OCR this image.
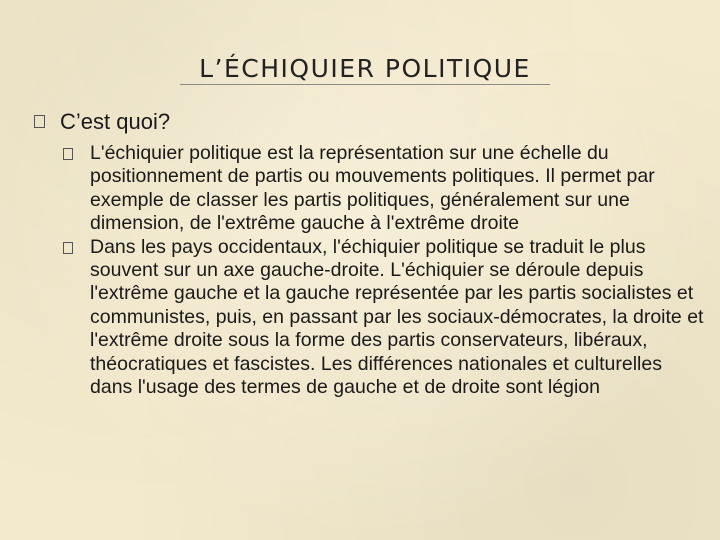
L’ÉCHIQUIER POLITIQUE
C’est quoi?

L'échiquier politique est la représentation sur une échelle du positionnement de partis ou mouvements politiques. Il permet par exemple de classer les partis politiques, généralement sur une dimension, de l'extrême gauche à l'extrême droite

Dans les pays occidentaux, l'échiquier politique se traduit le plus souvent sur un axe gauche-droite. L'échiquier se déroule depuis l'extrême gauche et la gauche représentée par les partis socialistes et communistes, puis, en passant par les sociaux-démocrates, la droite et l'extrême droite sous la forme des partis conservateurs, libéraux, théocratiques et fascistes. Les différences nationales et culturelles dans l'usage des termes de gauche et de droite sont légion
